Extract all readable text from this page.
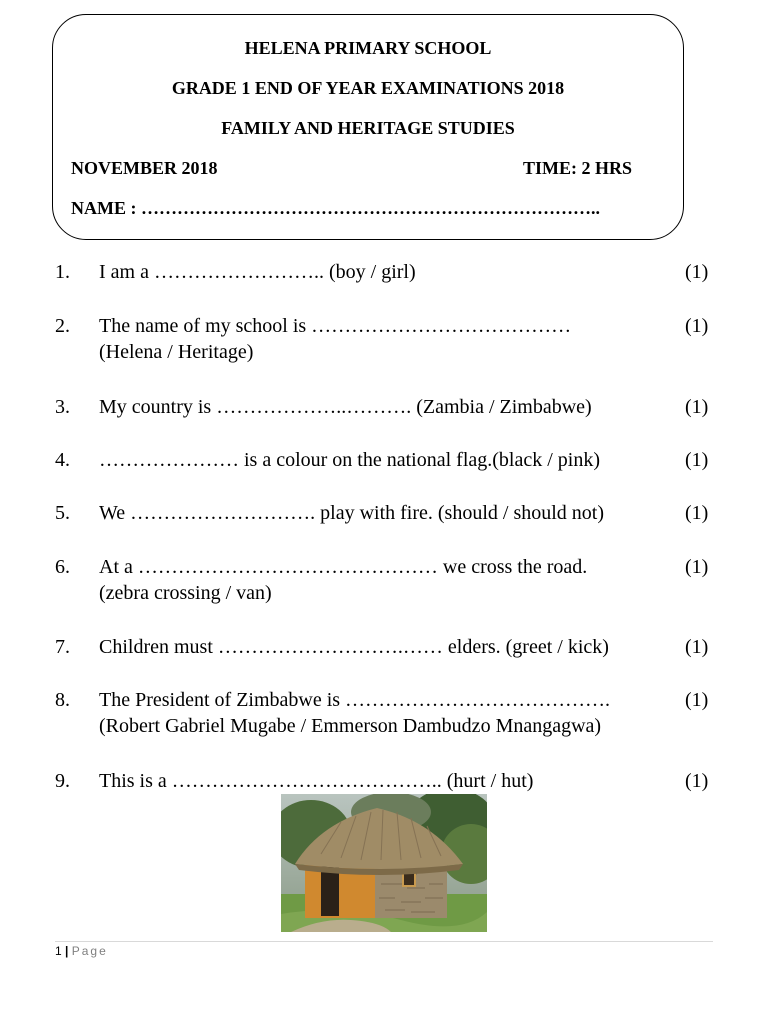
HELENA PRIMARY SCHOOL
GRADE 1 END OF YEAR EXAMINATIONS 2018
FAMILY AND HERITAGE STUDIES
NOVEMBER 2018	TIME: 2 HRS
NAME : …………………………………………………………………..
1. I am a …………………….. (boy / girl)	(1)
2. The name of my school is …………………………………	(1)
(Helena / Heritage)
3. My country is ………………..………. (Zambia / Zimbabwe)	(1)
4. ………………… is a colour on the national flag.(black / pink)	(1)
5. We ………………………. play with fire. (should / should not)	(1)
6. At a ……………………………………… we cross the road.	(1)
(zebra crossing / van)
7. Children must ……………………….…… elders. (greet / kick)	(1)
8. The President of Zimbabwe is ………………………………….	(1)
(Robert Gabriel Mugabe / Emmerson Dambudzo Mnangagwa)
9. This is a ………………………………….. (hurt / hut)	(1)
1 | Page
